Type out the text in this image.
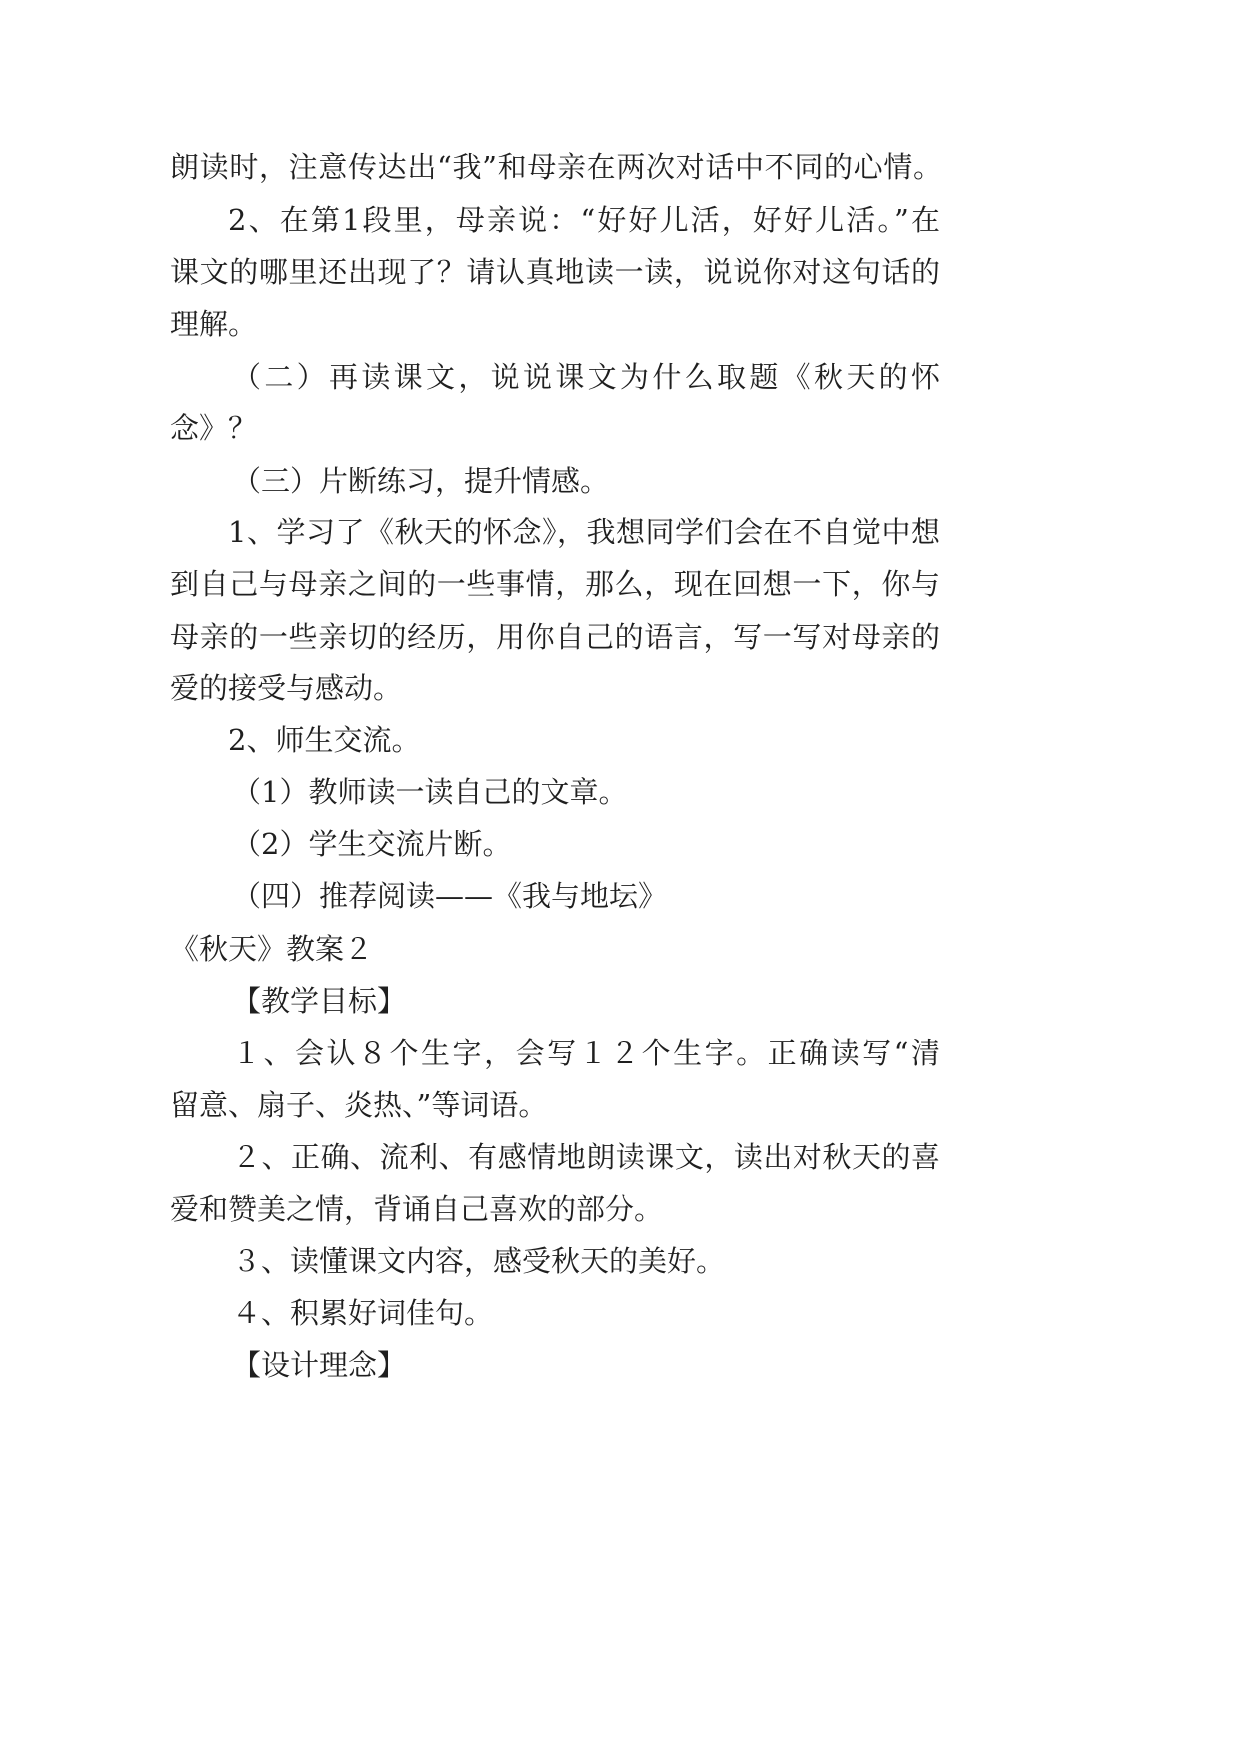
朗读时，注意传达出“我”和母亲在两次对话中不同的心情。
2、在第1段里，母亲说：“好好儿活，好好儿活。”在
课文的哪里还出现了？请认真地读一读，说说你对这句话的
理解。
（二）再读课文，说说课文为什么取题《秋天的怀
念》？
（三）片断练习，提升情感。
1、学习了《秋天的怀念》，我想同学们会在不自觉中想
到自己与母亲之间的一些事情，那么，现在回想一下，你与
母亲的一些亲切的经历，用你自己的语言，写一写对母亲的
爱的接受与感动。
2、师生交流。
（1）教师读一读自己的文章。
（2）学生交流片断。
（四）推荐阅读——《我与地坛》
《秋天》教案２
【教学目标】
１、会认８个生字，会写１２个生字。正确读写“清
留意、扇子、炎热、”等词语。
２、正确、流利、有感情地朗读课文，读出对秋天的喜
爱和赞美之情，背诵自己喜欢的部分。
３、读懂课文内容，感受秋天的美好。
４、积累好词佳句。
【设计理念】
